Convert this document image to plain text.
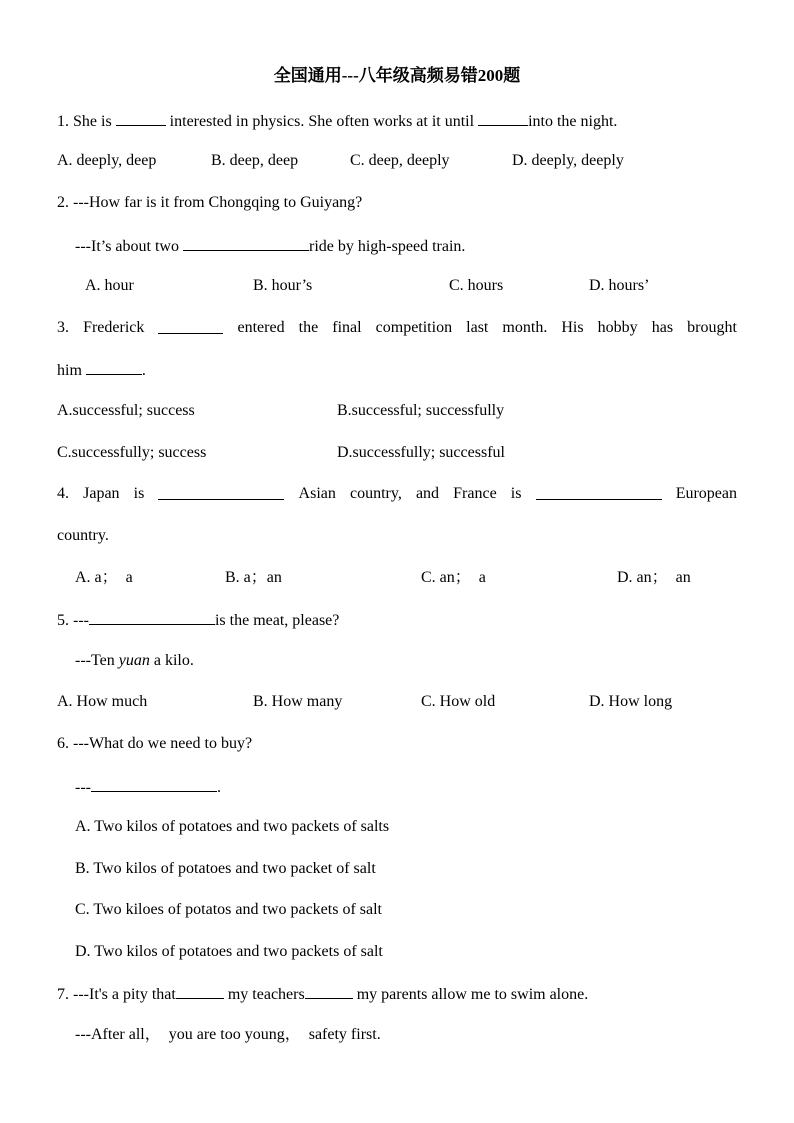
全国通用---八年级高频易错200题
1. She is	interested in physics. She often works at it until	into the night.
A. deeply, deep	B. deep, deep	C. deep, deeply	D. deeply, deeply
2. ---How far is it from Chongqing to Guiyang?
---It’s about two	ride by high-speed train.
A. hour	B. hour’s	C. hours	D. hours’
3. Frederick	entered the final competition last month. His hobby has brought
him	.
A.successful; success	B.successful; successfully
C.successfully; success	D.successfully; successful
4. Japan is	Asian country, and France is	European
country.
A. a；  a	B. a；an	C. an；  a	D. an；  an
5. ---	is the meat, please?
---Ten yuan a kilo.
A. How much	B. How many	C. How old	D. How long
6. ---What do we need to buy?
---	.
A. Two kilos of potatoes and two packets of salts
B. Two kilos of potatoes and two packet of salt
C. Two kiloes of potatos and two packets of salt
D. Two kilos of potatoes and two packets of salt
7. ---It's a pity that	my teachers	my parents allow me to swim alone.
---After all，  you are too young，  safety first.
